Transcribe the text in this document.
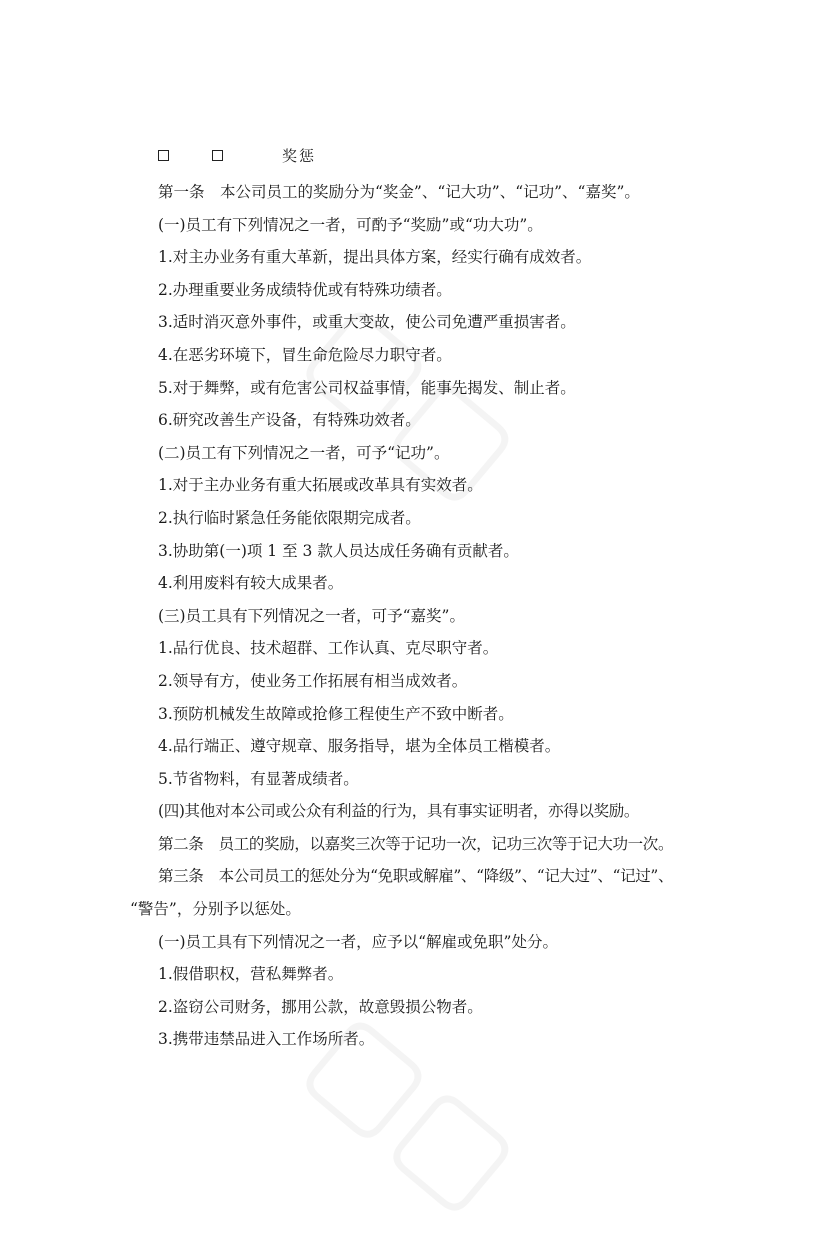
奖惩
第一条　本公司员工的奖励分为“奖金”、“记大功”、“记功”、“嘉奖”。
(一)员工有下列情况之一者，可酌予“奖励”或“功大功”。
1.对主办业务有重大革新，提出具体方案，经实行确有成效者。
2.办理重要业务成绩特优或有特殊功绩者。
3.适时消灭意外事件，或重大变故，使公司免遭严重损害者。
4.在恶劣环境下，冒生命危险尽力职守者。
5.对于舞弊，或有危害公司权益事情，能事先揭发、制止者。
6.研究改善生产设备，有特殊功效者。
(二)员工有下列情况之一者，可予“记功”。
1.对于主办业务有重大拓展或改革具有实效者。
2.执行临时紧急任务能依限期完成者。
3.协助第(一)项 1 至 3 款人员达成任务确有贡献者。
4.利用废料有较大成果者。
(三)员工具有下列情况之一者，可予“嘉奖”。
1.品行优良、技术超群、工作认真、克尽职守者。
2.领导有方，使业务工作拓展有相当成效者。
3.预防机械发生故障或抢修工程使生产不致中断者。
4.品行端正、遵守规章、服务指导，堪为全体员工楷模者。
5.节省物料，有显著成绩者。
(四)其他对本公司或公众有利益的行为，具有事实证明者，亦得以奖励。
第二条　员工的奖励，以嘉奖三次等于记功一次，记功三次等于记大功一次。
第三条　本公司员工的惩处分为“免职或解雇”、“降级”、“记大过”、“记过”、
“警告”，分别予以惩处。
(一)员工具有下列情况之一者，应予以“解雇或免职”处分。
1.假借职权，营私舞弊者。
2.盗窃公司财务，挪用公款，故意毁损公物者。
3.携带违禁品进入工作场所者。
